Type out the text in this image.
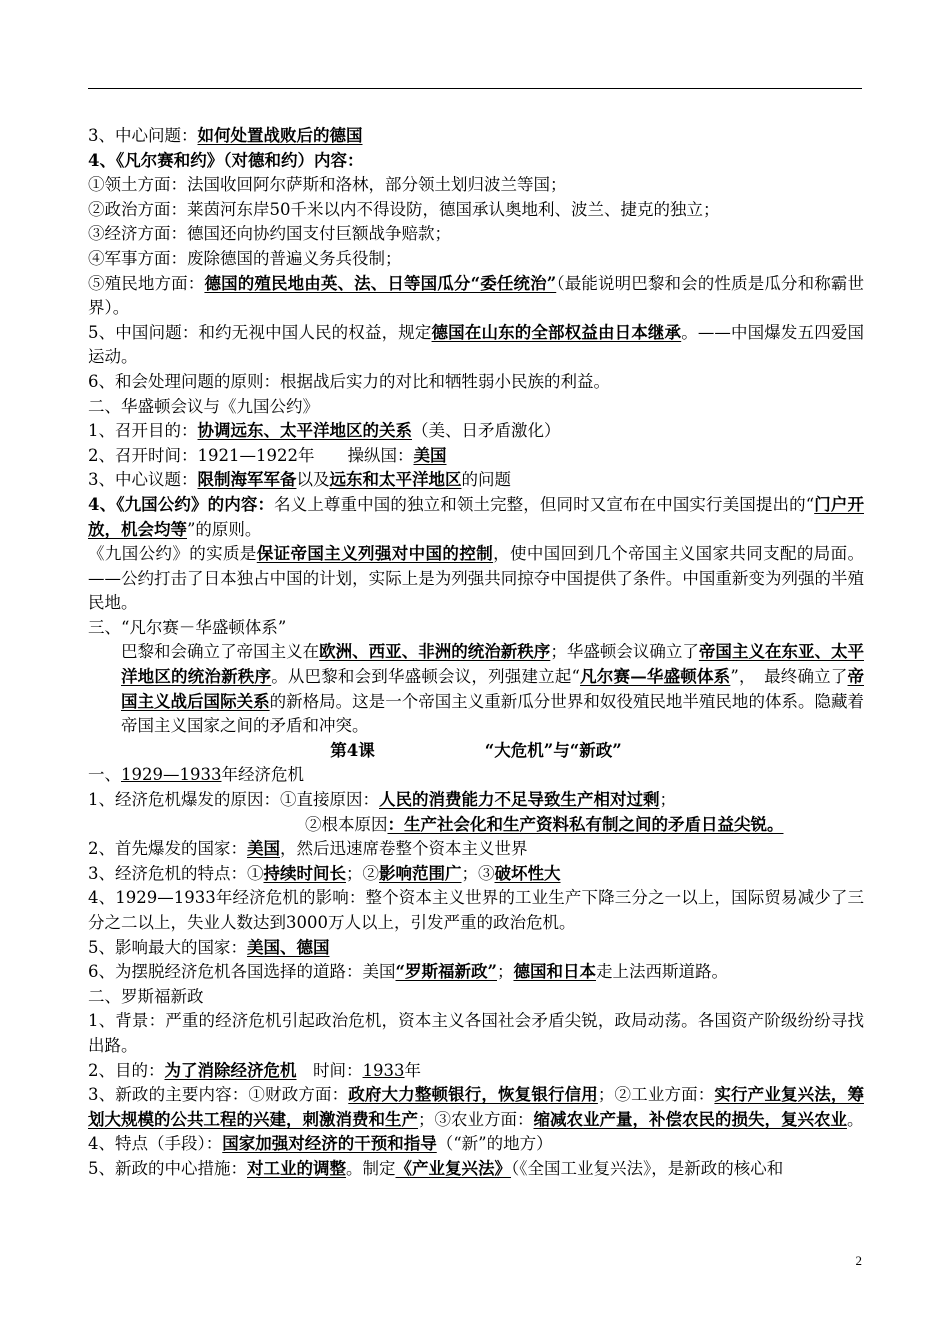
3、中心问题：如何处置战败后的德国
4、《凡尔赛和约》（对德和约）内容：
①领土方面：法国收回阿尔萨斯和洛林，部分领土划归波兰等国；
②政治方面：莱茵河东岸50千米以内不得设防，德国承认奥地利、波兰、捷克的独立；
③经济方面：德国还向协约国支付巨额战争赔款；
④军事方面：废除德国的普遍义务兵役制；
⑤殖民地方面：德国的殖民地由英、法、日等国瓜分“委任统治”（最能说明巴黎和会的性质是瓜分和称霸世界）。
5、中国问题：和约无视中国人民的权益，规定德国在山东的全部权益由日本继承。——中国爆发五四爱国运动。
6、和会处理问题的原则：根据战后实力的对比和牺牲弱小民族的利益。
二、华盛顿会议与《九国公约》
1、召开目的：协调远东、太平洋地区的关系（美、日矛盾激化）
2、召开时间：1921—1922年　　操纵国：美国
3、中心议题：限制海军军备以及远东和太平洋地区的问题
4、《九国公约》的内容：名义上尊重中国的独立和领土完整，但同时又宣布在中国实行美国提出的“门户开放，机会均等”的原则。
《九国公约》的实质是保证帝国主义列强对中国的控制，使中国回到几个帝国主义国家共同支配的局面。——公约打击了日本独占中国的计划，实际上是为列强共同掠夺中国提供了条件。中国重新变为列强的半殖民地。
三、“凡尔赛－华盛顿体系”
巴黎和会确立了帝国主义在欧洲、西亚、非洲的统治新秩序；华盛顿会议确立了帝国主义在东亚、太平洋地区的统治新秩序。从巴黎和会到华盛顿会议，列强建立起“凡尔赛—华盛顿体系”，　最终确立了帝国主义战后国际关系的新格局。这是一个帝国主义重新瓜分世界和奴役殖民地半殖民地的体系。隐藏着帝国主义国家之间的矛盾和冲突。
第4课	“大危机”与“新政”
一、1929—1933年经济危机
1、经济危机爆发的原因：①直接原因：人民的消费能力不足导致生产相对过剩；
②根本原因：生产社会化和生产资料私有制之间的矛盾日益尖锐。
2、首先爆发的国家：美国，然后迅速席卷整个资本主义世界
3、经济危机的特点：①持续时间长；②影响范围广；③破坏性大
4、1929—1933年经济危机的影响：整个资本主义世界的工业生产下降三分之一以上，国际贸易减少了三分之二以上，失业人数达到3000万人以上，引发严重的政治危机。
5、影响最大的国家：美国、德国
6、为摆脱经济危机各国选择的道路：美国“罗斯福新政”；德国和日本走上法西斯道路。
二、罗斯福新政
1、背景：严重的经济危机引起政治危机，资本主义各国社会矛盾尖锐，政局动荡。各国资产阶级纷纷寻找出路。
2、目的：为了消除经济危机　时间：1933年
3、新政的主要内容：①财政方面：政府大力整顿银行，恢复银行信用；②工业方面：实行产业复兴法，筹划大规模的公共工程的兴建，刺激消费和生产；③农业方面：缩减农业产量，补偿农民的损失，复兴农业。
4、特点（手段）：国家加强对经济的干预和指导（“新”的地方）
5、新政的中心措施：对工业的调整。制定《产业复兴法》（《全国工业复兴法》，是新政的核心和
2
